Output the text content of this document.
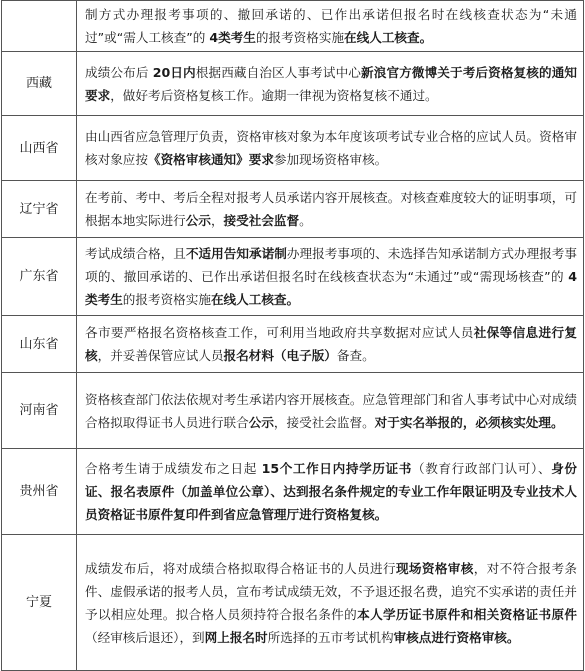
	制方式办理报考事项的、撤回承诺的、已作出承诺但报名时在线核查状态为“未通过”或“需人工核查”的 4类考生的报考资格实施在线人工核查。
西藏	成绩公布后 20日内根据西藏自治区人事考试中心新浪官方微博关于考后资格复核的通知要求，做好考后资格复核工作。逾期一律视为资格复核不通过。
山西省	由山西省应急管理厅负责，资格审核对象为本年度该项考试专业合格的应试人员。资格审核对象应按《资格审核通知》要求参加现场资格审核。
辽宁省	在考前、考中、考后全程对报考人员承诺内容开展核查。对核查难度较大的证明事项，可根据本地实际进行公示，接受社会监督。
广东省	考试成绩合格，且不适用告知承诺制办理报考事项的、未选择告知承诺制方式办理报考事项的、撤回承诺的、已作出承诺但报名时在线核查状态为“未通过”或“需现场核查”的 4类考生的报考资格实施在线人工核查。
山东省	各市要严格报名资格核查工作，可利用当地政府共享数据对应试人员社保等信息进行复核，并妥善保管应试人员报名材料（电子版）备查。
河南省	资格核查部门依法依规对考生承诺内容开展核查。应急管理部门和省人事考试中心对成绩合格拟取得证书人员进行联合公示，接受社会监督。对于实名举报的，必须核实处理。
贵州省	合格考生请于成绩发布之日起 15个工作日内持学历证书（教育行政部门认可）、身份证、报名表原件（加盖单位公章）、达到报名条件规定的专业工作年限证明及专业技术人员资格证书原件复印件到省应急管理厅进行资格复核。
宁夏	成绩发布后，将对成绩合格拟取得合格证书的人员进行现场资格审核，对不符合报考条件、虚假承诺的报考人员，宣布考试成绩无效，不予退还报名费，追究不实承诺的责任并予以相应处理。拟合格人员须持符合报名条件的本人学历证书原件和相关资格证书原件（经审核后退还），到网上报名时所选择的五市考试机构审核点进行资格审核。
